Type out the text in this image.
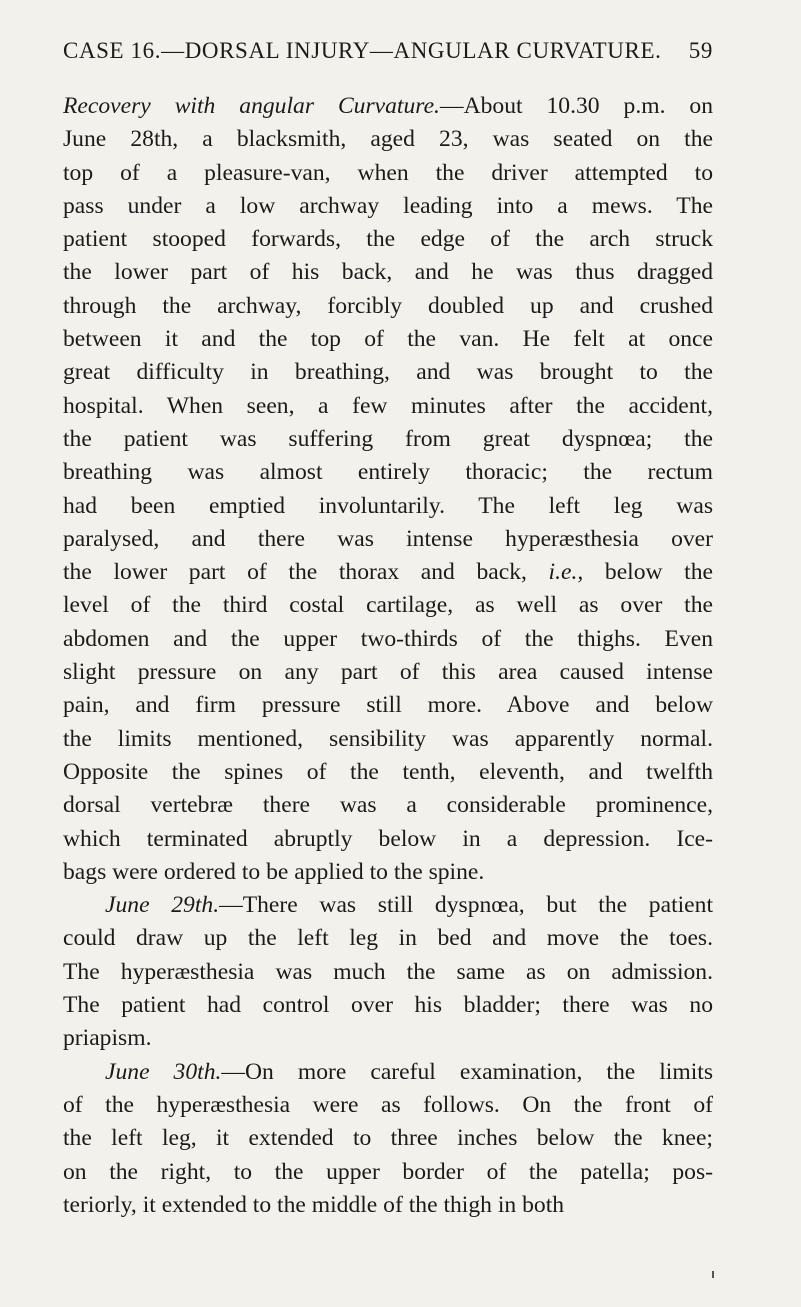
CASE 16.—DORSAL INJURY—ANGULAR CURVATURE. 59
Recovery with angular Curvature.—About 10.30 p.m. on
June 28th, a blacksmith, aged 23, was seated on the
top of a pleasure-van, when the driver attempted to
pass under a low archway leading into a mews. The
patient stooped forwards, the edge of the arch struck
the lower part of his back, and he was thus dragged
through the archway, forcibly doubled up and crushed
between it and the top of the van. He felt at once
great difficulty in breathing, and was brought to the
hospital. When seen, a few minutes after the accident,
the patient was suffering from great dyspnœa; the
breathing was almost entirely thoracic; the rectum
had been emptied involuntarily. The left leg was
paralysed, and there was intense hyperæsthesia over
the lower part of the thorax and back, i.e., below the
level of the third costal cartilage, as well as over the
abdomen and the upper two-thirds of the thighs. Even
slight pressure on any part of this area caused intense
pain, and firm pressure still more. Above and below
the limits mentioned, sensibility was apparently normal.
Opposite the spines of the tenth, eleventh, and twelfth
dorsal vertebræ there was a considerable prominence,
which terminated abruptly below in a depression. Ice-
bags were ordered to be applied to the spine.
June 29th.—There was still dyspnœa, but the patient
could draw up the left leg in bed and move the toes.
The hyperæsthesia was much the same as on admission.
The patient had control over his bladder; there was no
priapism.
June 30th.—On more careful examination, the limits
of the hyperæsthesia were as follows. On the front of
the left leg, it extended to three inches below the knee;
on the right, to the upper border of the patella; pos-
teriorly, it extended to the middle of the thigh in both
